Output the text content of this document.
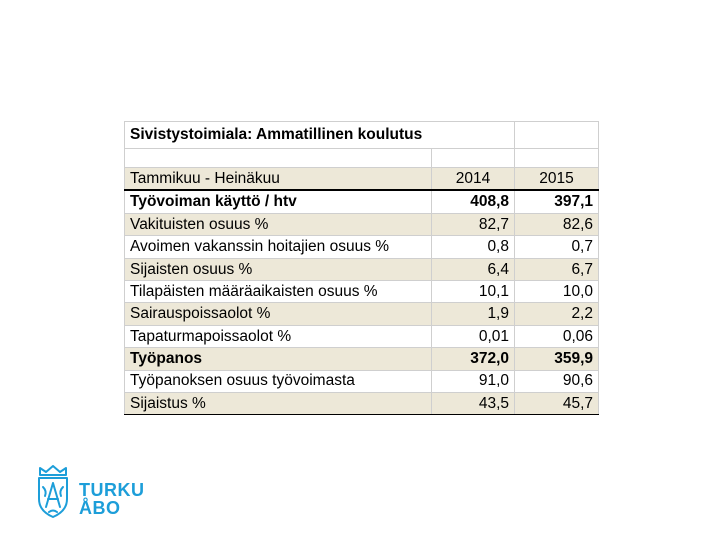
Sivistystoimiala: Ammatillinen koulutus		

Tammikuu - Heinäkuu	2014	2015
Työvoiman käyttö / htv	408,8	397,1
Vakituisten osuus %	82,7	82,6
Avoimen vakanssin hoitajien osuus %	0,8	0,7
Sijaisten osuus %	6,4	6,7
Tilapäisten määräaikaisten osuus %	10,1	10,0
Sairauspoissaolot %	1,9	2,2
Tapaturmapoissaolot %	0,01	0,06
Työpanos	372,0	359,9
Työpanoksen osuus työvoimasta	91,0	90,6
Sijaistus %	43,5	45,7
TURKU
ÅBO
